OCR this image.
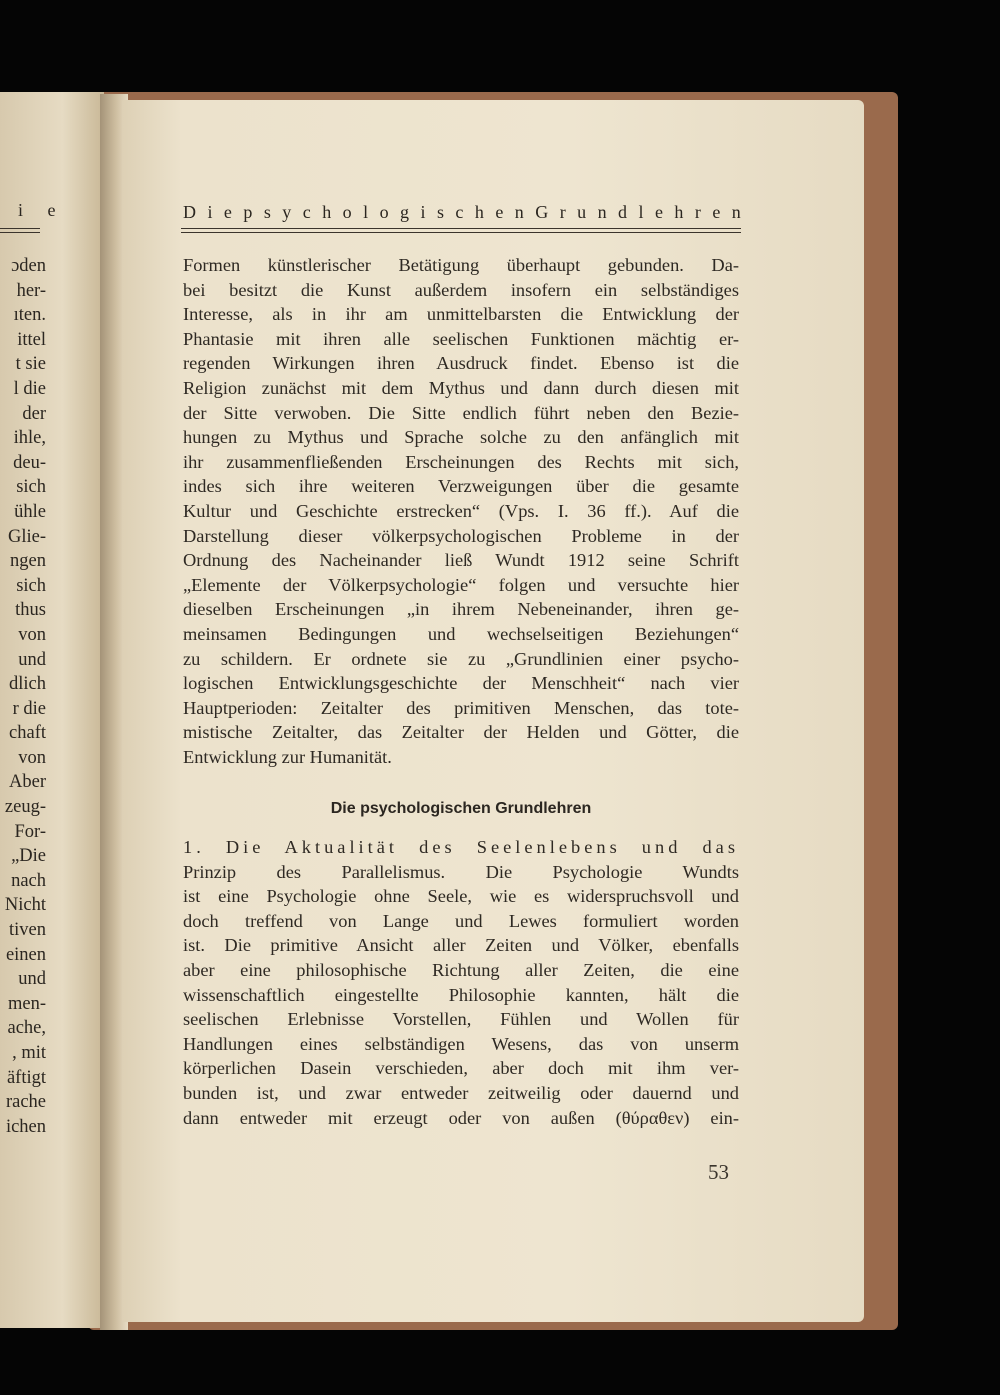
i e
ɔden
her-
ıten.
ittel
t sie
l die
der
ihle,
deu-
sich
ühle
Glie-
ngen
sich
thus
von
und
dlich
r die
chaft
von
Aber
zeug-
For-
„Die
nach
Nicht
tiven
einen
und
men-
ache,
, mit
äftigt
rache
ichen
D i e p s y c h o l o g i s c h e n G r u n d l e h r e n
Formen künstlerischer Betätigung überhaupt gebunden. Da-
bei besitzt die Kunst außerdem insofern ein selbständiges
Interesse, als in ihr am unmittelbarsten die Entwicklung der
Phantasie mit ihren alle seelischen Funktionen mächtig er-
regenden Wirkungen ihren Ausdruck findet. Ebenso ist die
Religion zunächst mit dem Mythus und dann durch diesen mit
der Sitte verwoben. Die Sitte endlich führt neben den Bezie-
hungen zu Mythus und Sprache solche zu den anfänglich mit
ihr zusammenfließenden Erscheinungen des Rechts mit sich,
indes sich ihre weiteren Verzweigungen über die gesamte
Kultur und Geschichte erstrecken“ (Vps. I. 36 ff.). Auf die
Darstellung dieser völkerpsychologischen Probleme in der
Ordnung des Nacheinander ließ Wundt 1912 seine Schrift
„Elemente der Völkerpsychologie“ folgen und versuchte hier
dieselben Erscheinungen „in ihrem Nebeneinander, ihren ge-
meinsamen Bedingungen und wechselseitigen Beziehungen“
zu schildern. Er ordnete sie zu „Grundlinien einer psycho-
logischen Entwicklungsgeschichte der Menschheit“ nach vier
Hauptperioden: Zeitalter des primitiven Menschen, das tote-
mistische Zeitalter, das Zeitalter der Helden und Götter, die
Entwicklung zur Humanität.
Die psychologischen Grundlehren
1. Die Aktualität des Seelenlebens und das
Prinzip des Parallelismus. Die Psychologie Wundts
ist eine Psychologie ohne Seele, wie es widerspruchsvoll und
doch treffend von Lange und Lewes formuliert worden
ist. Die primitive Ansicht aller Zeiten und Völker, ebenfalls
aber eine philosophische Richtung aller Zeiten, die eine
wissenschaftlich eingestellte Philosophie kannten, hält die
seelischen Erlebnisse Vorstellen, Fühlen und Wollen für
Handlungen eines selbständigen Wesens, das von unserm
körperlichen Dasein verschieden, aber doch mit ihm ver-
bunden ist, und zwar entweder zeitweilig oder dauernd und
dann entweder mit erzeugt oder von außen (θύραθεν) ein-
53
